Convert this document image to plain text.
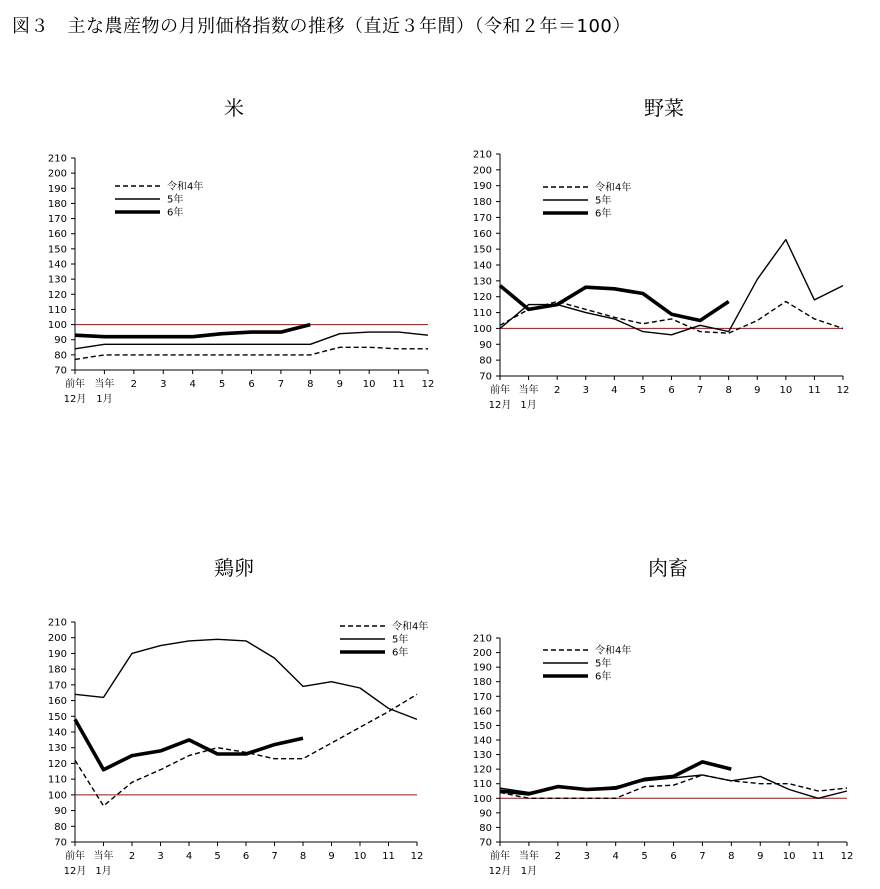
図３　主な農産物の月別価格指数の推移（直近３年間）（令和２年＝100）
米
70
80
90
100
110
120
130
140
150
160
170
180
190
200
210
前年 当年 2 3 4 5 6 7 8 9 10 11 12
12月 1月
令和4年
5年
6年
野菜
70
80
90
100
110
120
130
140
150
160
170
180
190
200
210
前年 当年 2 3 4 5 6 7 8 9 10 11 12
12月 1月
令和4年
5年
6年
鶏卵
70
80
90
100
110
120
130
140
150
160
170
180
190
200
210
前年 当年 2 3 4 5 6 7 8 9 10 11 12
12月 1月
令和4年
5年
6年
肉畜
70
80
90
100
110
120
130
140
150
160
170
180
190
200
210
前年 当年 2 3 4 5 6 7 8 9 10 11 12
12月 1月
令和4年
5年
6年
